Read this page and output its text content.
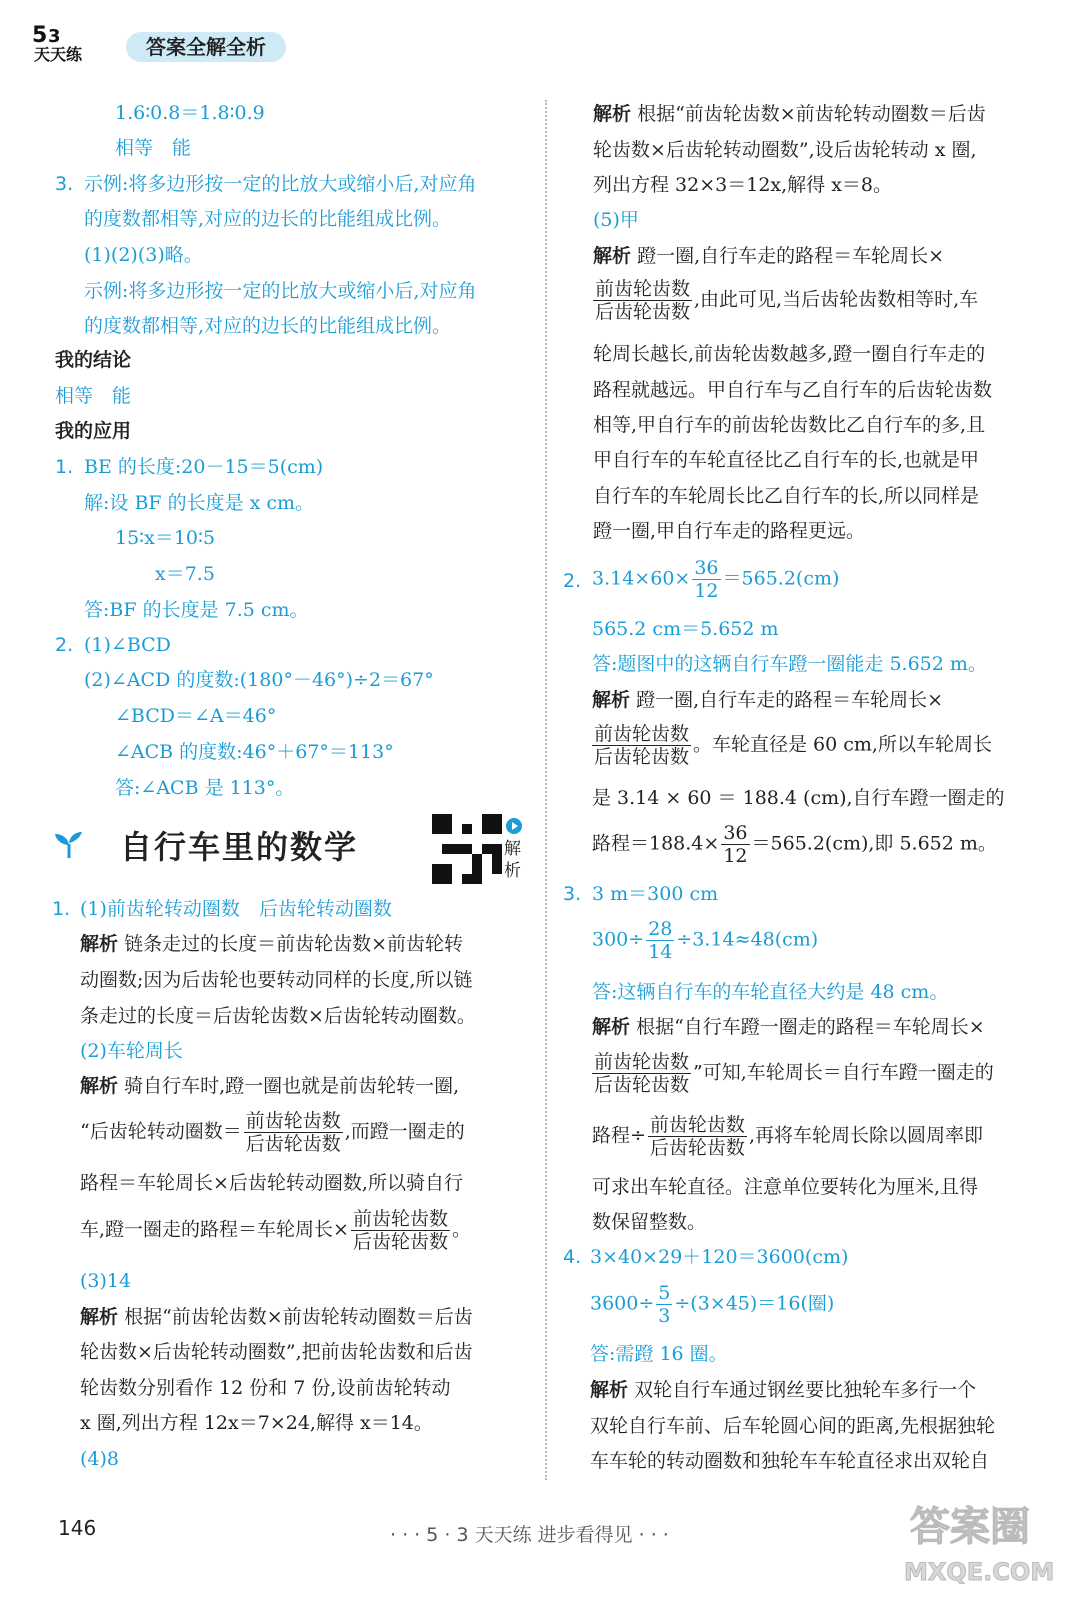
5 3
天天练	答案全解全析
1.6∶0.8＝1.8∶0.9
相等　能
3. 示例:将多边形按一定的比放大或缩小后,对应角
的度数都相等,对应的边长的比能组成比例。
(1)(2)(3)略。
示例:将多边形按一定的比放大或缩小后,对应角
的度数都相等,对应的边长的比能组成比例。
我的结论
相等　能
我的应用
1. BE 的长度:20－15＝5(cm)
解:设 BF 的长度是 x cm。
15∶x＝10∶5
x＝7.5
答:BF 的长度是 7.5 cm。
2. (1)∠BCD
(2)∠ACD 的度数:(180°－46°)÷2＝67°
∠BCD＝∠A＝46°
∠ACB 的度数:46°＋67°＝113°
答:∠ACB 是 113°。
自行车里的数学	解析
1. (1)前齿轮转动圈数　后齿轮转动圈数
解析 链条走过的长度＝前齿轮齿数×前齿轮转
动圈数;因为后齿轮也要转动同样的长度,所以链
条走过的长度＝后齿轮齿数×后齿轮转动圈数。
(2)车轮周长
解析 骑自行车时,蹬一圈也就是前齿轮转一圈,
“后齿轮转动圈数＝ $\frac{\text{前齿轮齿数}}{\text{后齿轮齿数}}$ ,而蹬一圈走的
路程＝车轮周长×后齿轮转动圈数,所以骑自行
车,蹬一圈走的路程＝车轮周长× $\frac{\text{前齿轮齿数}}{\text{后齿轮齿数}}$ 。
(3)14
解析 根据“前齿轮齿数×前齿轮转动圈数＝后齿
轮齿数×后齿轮转动圈数”,把前齿轮齿数和后齿
轮齿数分别看作 12 份和 7 份,设前齿轮转动
x 圈,列出方程 12x＝7×24,解得 x＝14。
(4)8
解析 根据“前齿轮齿数×前齿轮转动圈数＝后齿
轮齿数×后齿轮转动圈数”,设后齿轮转动 x 圈,
列出方程 32×3＝12x,解得 x＝8。
(5)甲
解析 蹬一圈,自行车走的路程＝车轮周长×
$\frac{\text{前齿轮齿数}}{\text{后齿轮齿数}}$ ,由此可见,当后齿轮齿数相等时,车
轮周长越长,前齿轮齿数越多,蹬一圈自行车走的
路程就越远。甲自行车与乙自行车的后齿轮齿数
相等,甲自行车的前齿轮齿数比乙自行车的多,且
甲自行车的车轮直径比乙自行车的长,也就是甲
自行车的车轮周长比乙自行车的长,所以同样是
蹬一圈,甲自行车走的路程更远。
2. $3.14\times 60\times \frac{36}{12} =565.2(cm)$
565.2 cm＝5.652 m
答:题图中的这辆自行车蹬一圈能走 5.652 m。
解析 蹬一圈,自行车走的路程＝车轮周长×
$\frac{\text{前齿轮齿数}}{\text{后齿轮齿数}}$ 。车轮直径是 60 cm,所以车轮周长
是 3.14 × 60 ＝ 188.4 (cm),自行车蹬一圈走的
路程$=188.4\times \frac{36}{12} =565.2(cm)$,即 5.652 m。
3. 3 m＝300 cm
$300\div \frac{28}{14} \div 3.14\approx 48(cm)$
答:这辆自行车的车轮直径大约是 48 cm。
解析 根据“自行车蹬一圈走的路程＝车轮周长×
$\frac{\text{前齿轮齿数}}{\text{后齿轮齿数}}$ ”可知,车轮周长＝自行车蹬一圈走的
路程÷ $\frac{\text{前齿轮齿数}}{\text{后齿轮齿数}}$ ,再将车轮周长除以圆周率即
可求出车轮直径。注意单位要转化为厘米,且得
数保留整数。
4. 3×40×29＋120＝3600(cm)
$3600\div \frac{5}{3} \div(3\times 45)=16$(圈)
答:需蹬 16 圈。
解析 双轮自行车通过钢丝要比独轮车多行一个
双轮自行车前、后车轮圆心间的距离,先根据独轮
车车轮的转动圈数和独轮车车轮直径求出双轮自
146	· · · 5 · 3 天天练 进步看得见 · · ·	答案圈
MXQE.COM
